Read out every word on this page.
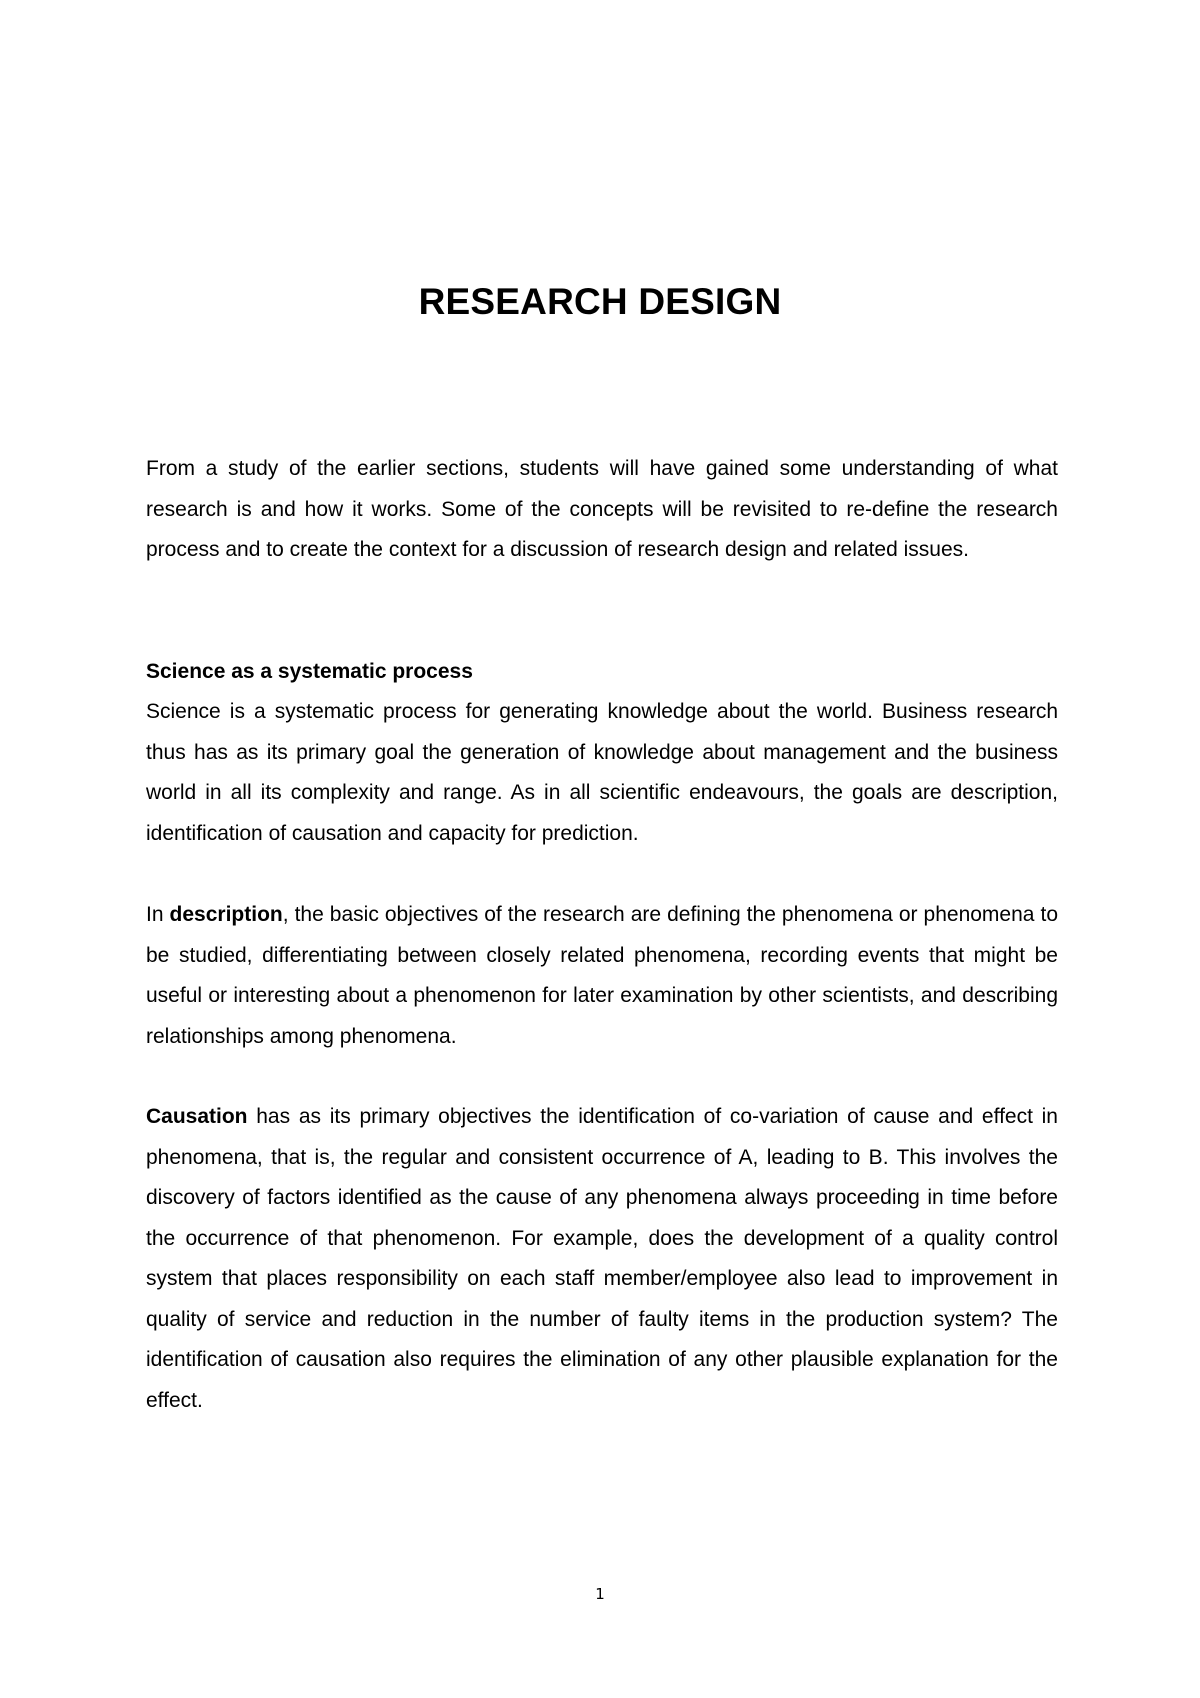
RESEARCH DESIGN

From a study of the earlier sections, students will have gained some understanding of what research is and how it works. Some of the concepts will be revisited to re-define the research process and to create the context for a discussion of research design and related issues.

Science as a systematic process

Science is a systematic process for generating knowledge about the world. Business research thus has as its primary goal the generation of knowledge about management and the business world in all its complexity and range. As in all scientific endeavours, the goals are description, identification of causation and capacity for prediction.

In description, the basic objectives of the research are defining the phenomena or phenomena to be studied, differentiating between closely related phenomena, recording events that might be useful or interesting about a phenomenon for later examination by other scientists, and describing relationships among phenomena.

Causation has as its primary objectives the identification of co-variation of cause and effect in phenomena, that is, the regular and consistent occurrence of A, leading to B. This involves the discovery of factors identified as the cause of any phenomena always proceeding in time before the occurrence of that phenomenon. For example, does the development of a quality control system that places responsibility on each staff member/employee also lead to improvement in quality of service and reduction in the number of faulty items in the production system? The identification of causation also requires the elimination of any other plausible explanation for the effect.

1
